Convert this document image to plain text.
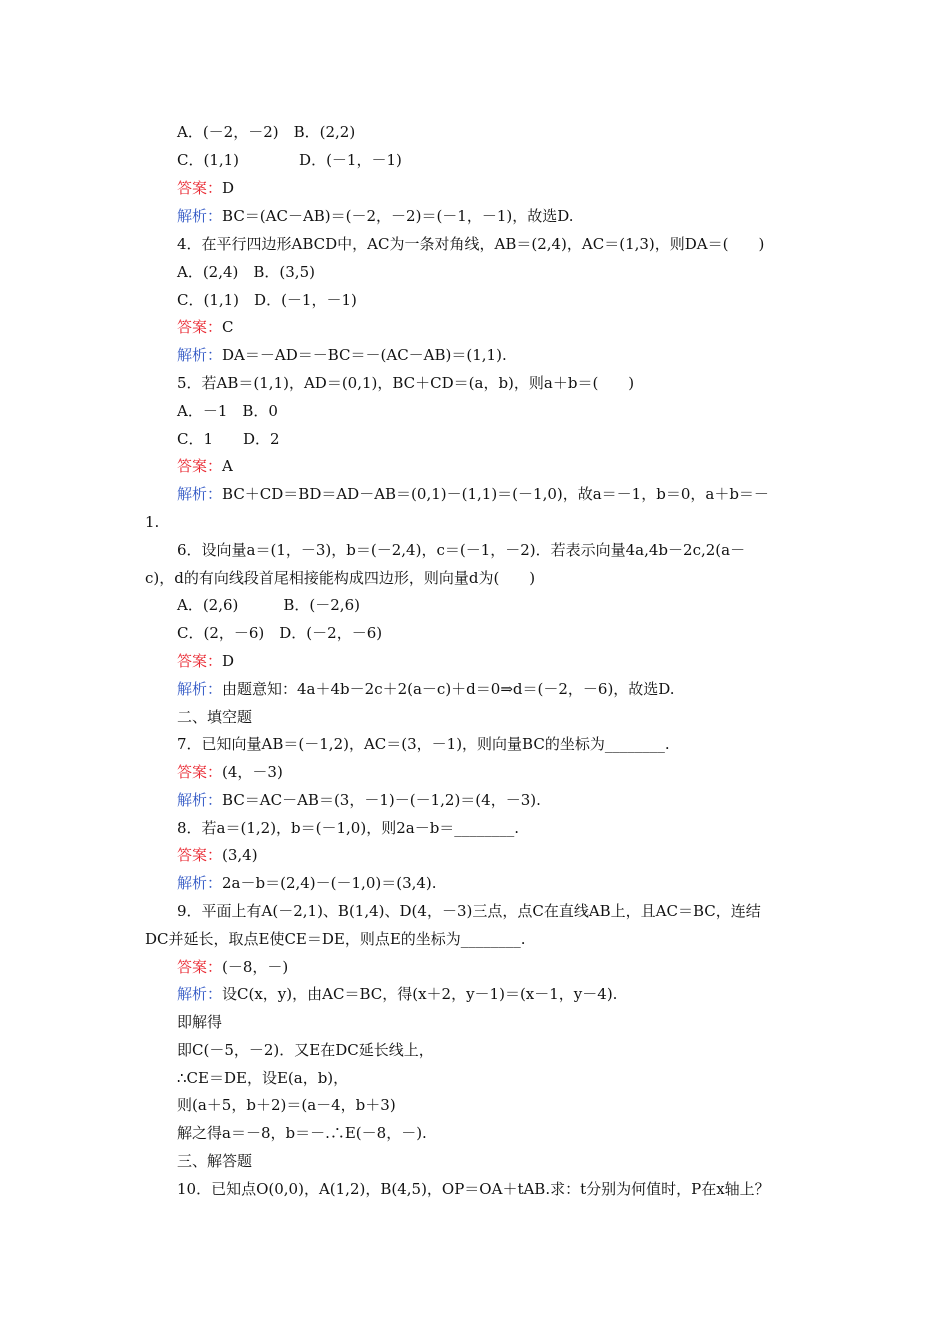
A．(－2，－2)　B．(2,2)
C．(1,1)　　　　D．(－1，－1)
答案：D
解析：BC＝(AC－AB)＝(－2，－2)＝(－1，－1)，故选D.
4．在平行四边形ABCD中，AC为一条对角线，AB＝(2,4)，AC＝(1,3)，则DA＝(　　)
A．(2,4)　B．(3,5)
C．(1,1)　D．(－1，－1)
答案：C
解析：DA＝－AD＝－BC＝－(AC－AB)＝(1,1).
5．若AB＝(1,1)，AD＝(0,1)，BC＋CD＝(a，b)，则a＋b＝(　　)
A．－1　B．0
C．1　　D．2
答案：A
解析：BC＋CD＝BD＝AD－AB＝(0,1)－(1,1)＝(－1,0)，故a＝－1，b＝0，a＋b＝－
1.
6．设向量a＝(1，－3)，b＝(－2,4)，c＝(－1，－2)．若表示向量4a,4b－2c,2(a－
c)，d的有向线段首尾相接能构成四边形，则向量d为(　　)
A．(2,6)　　　B．(－2,6)
C．(2，－6)　D．(－2，－6)
答案：D
解析：由题意知：4a＋4b－2c＋2(a－c)＋d＝0⇒d＝(－2，－6)，故选D.
二、填空题
7．已知向量AB＝(－1,2)，AC＝(3，－1)，则向量BC的坐标为________.
答案：(4，－3)
解析：BC＝AC－AB＝(3，－1)－(－1,2)＝(4，－3).
8．若a＝(1,2)，b＝(－1,0)，则2a－b＝________.
答案：(3,4)
解析：2a－b＝(2,4)－(－1,0)＝(3,4).
9．平面上有A(－2,1)、B(1,4)、D(4，－3)三点，点C在直线AB上，且AC＝BC，连结
DC并延长，取点E使CE＝DE，则点E的坐标为________.
答案：(－8，－)
解析：设C(x，y)，由AC＝BC，得(x＋2，y－1)＝(x－1，y－4).
即解得
即C(－5，－2)．又E在DC延长线上，
∴CE＝DE，设E(a，b)，
则(a＋5，b＋2)＝(a－4，b＋3)
解之得a＝－8，b＝－.∴E(－8，－).
三、解答题
10．已知点O(0,0)，A(1,2)，B(4,5)，OP＝OA＋tAB.求：t分别为何值时，P在x轴上？
